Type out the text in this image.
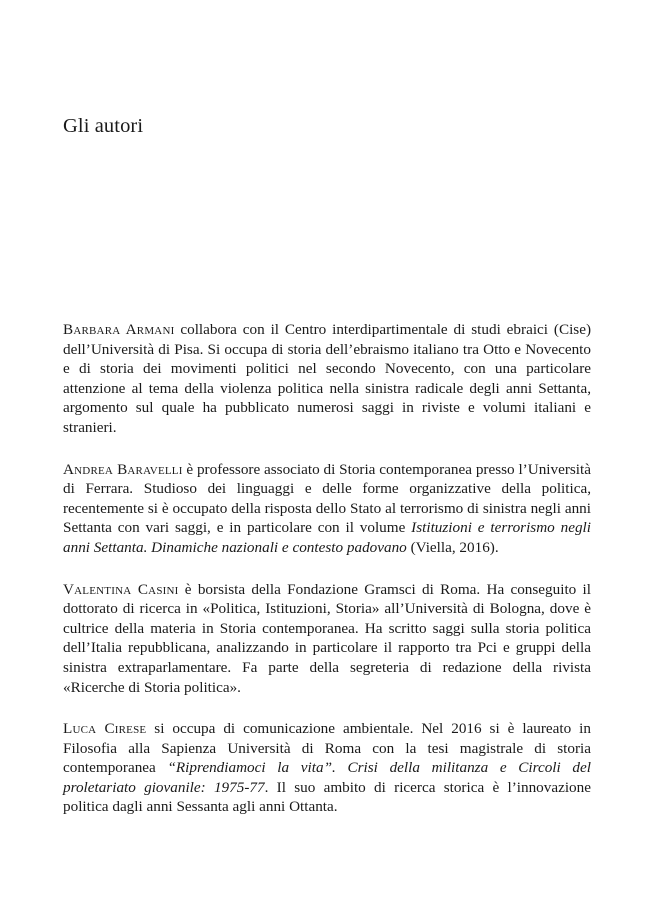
Gli autori

Barbara Armani collabora con il Centro interdipartimentale di studi ebraici (Cise) dell’Università di Pisa. Si occupa di storia dell’ebraismo italiano tra Otto e Novecento e di storia dei movimenti politici nel secondo Novecento, con una particolare attenzione al tema della violenza politica nella sinistra radicale degli anni Settanta, argomento sul quale ha pubblicato numerosi saggi in riviste e volumi italiani e stranieri.

Andrea Baravelli è professore associato di Storia contemporanea presso l’Università di Ferrara. Studioso dei linguaggi e delle forme organizzative della politica, recentemente si è occupato della risposta dello Stato al terrorismo di sinistra negli anni Settanta con vari saggi, e in particolare con il volume Istituzioni e terrorismo negli anni Settanta. Dinamiche nazionali e contesto padovano (Viella, 2016).

Valentina Casini è borsista della Fondazione Gramsci di Roma. Ha conseguito il dottorato di ricerca in «Politica, Istituzioni, Storia» all’Università di Bologna, dove è cultrice della materia in Storia contemporanea. Ha scritto saggi sulla storia politica dell’Italia repubblicana, analizzando in particolare il rapporto tra Pci e gruppi della sinistra extraparlamentare. Fa parte della segreteria di redazione della rivista «Ricerche di Storia politica».

Luca Cirese si occupa di comunicazione ambientale. Nel 2016 si è laureato in Filosofia alla Sapienza Università di Roma con la tesi magistrale di storia contemporanea “Riprendiamoci la vita”. Crisi della militanza e Circoli del proletariato giovanile: 1975-77. Il suo ambito di ricerca storica è l’innovazione politica dagli anni Sessanta agli anni Ottanta.
